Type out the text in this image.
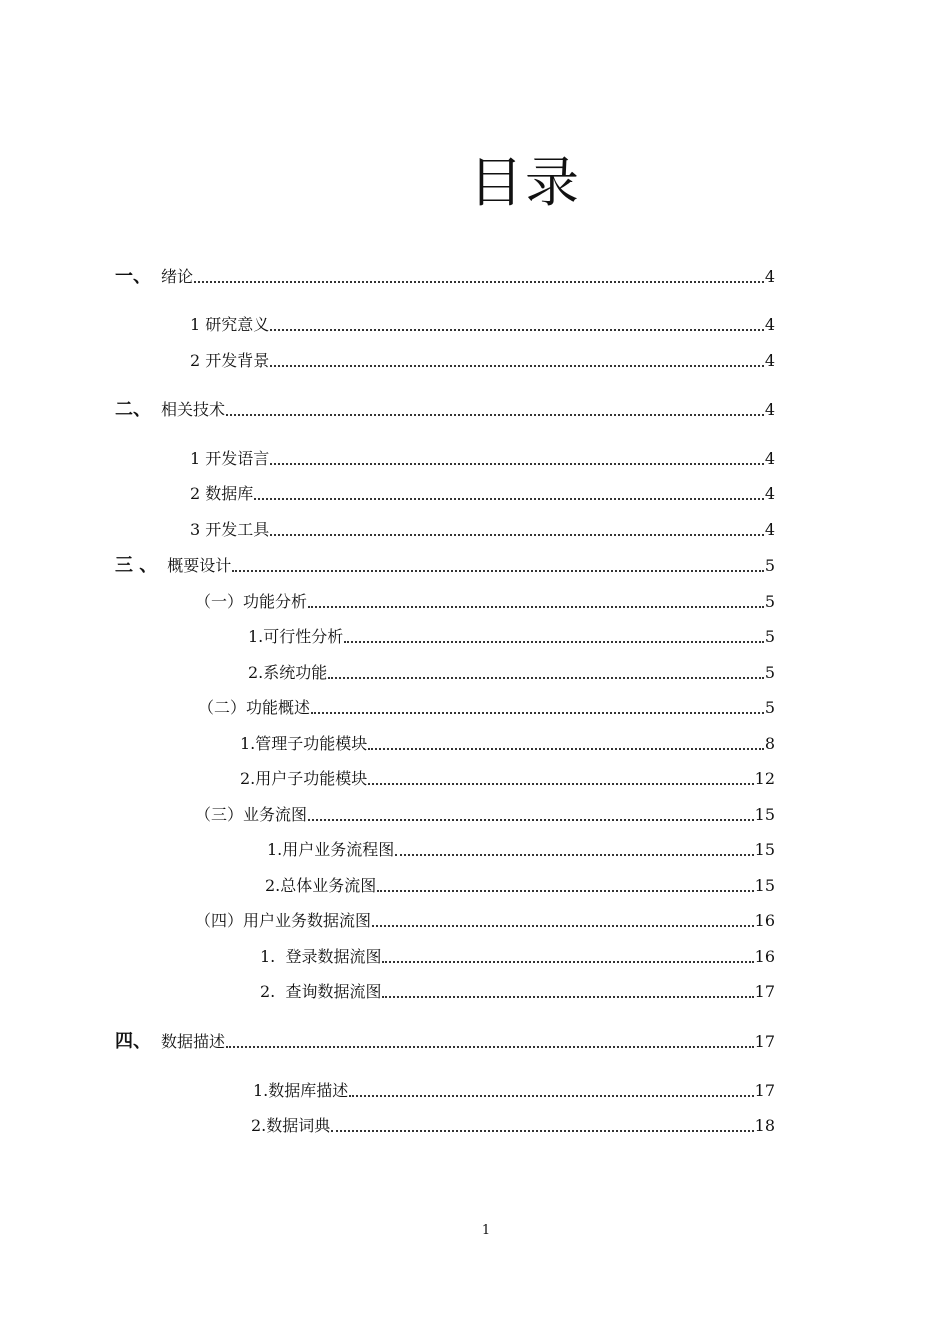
目录
一、 绪论	4
1 研究意义	4
2 开发背景	4
二、 相关技术	4
1 开发语言	4
2 数据库	4
3 开发工具	4
三 、 概要设计	5
（一）功能分析	5
1.可行性分析	5
2.系统功能	5
（二）功能概述	5
1.管理子功能模块	8
2.用户子功能模块	12
（三）业务流图	15
1.用户业务流程图	15
2.总体业务流图	15
（四）用户业务数据流图	16
1.  登录数据流图	16
2.  查询数据流图	17
四、 数据描述	17
1.数据库描述	17
2.数据词典	18
1
